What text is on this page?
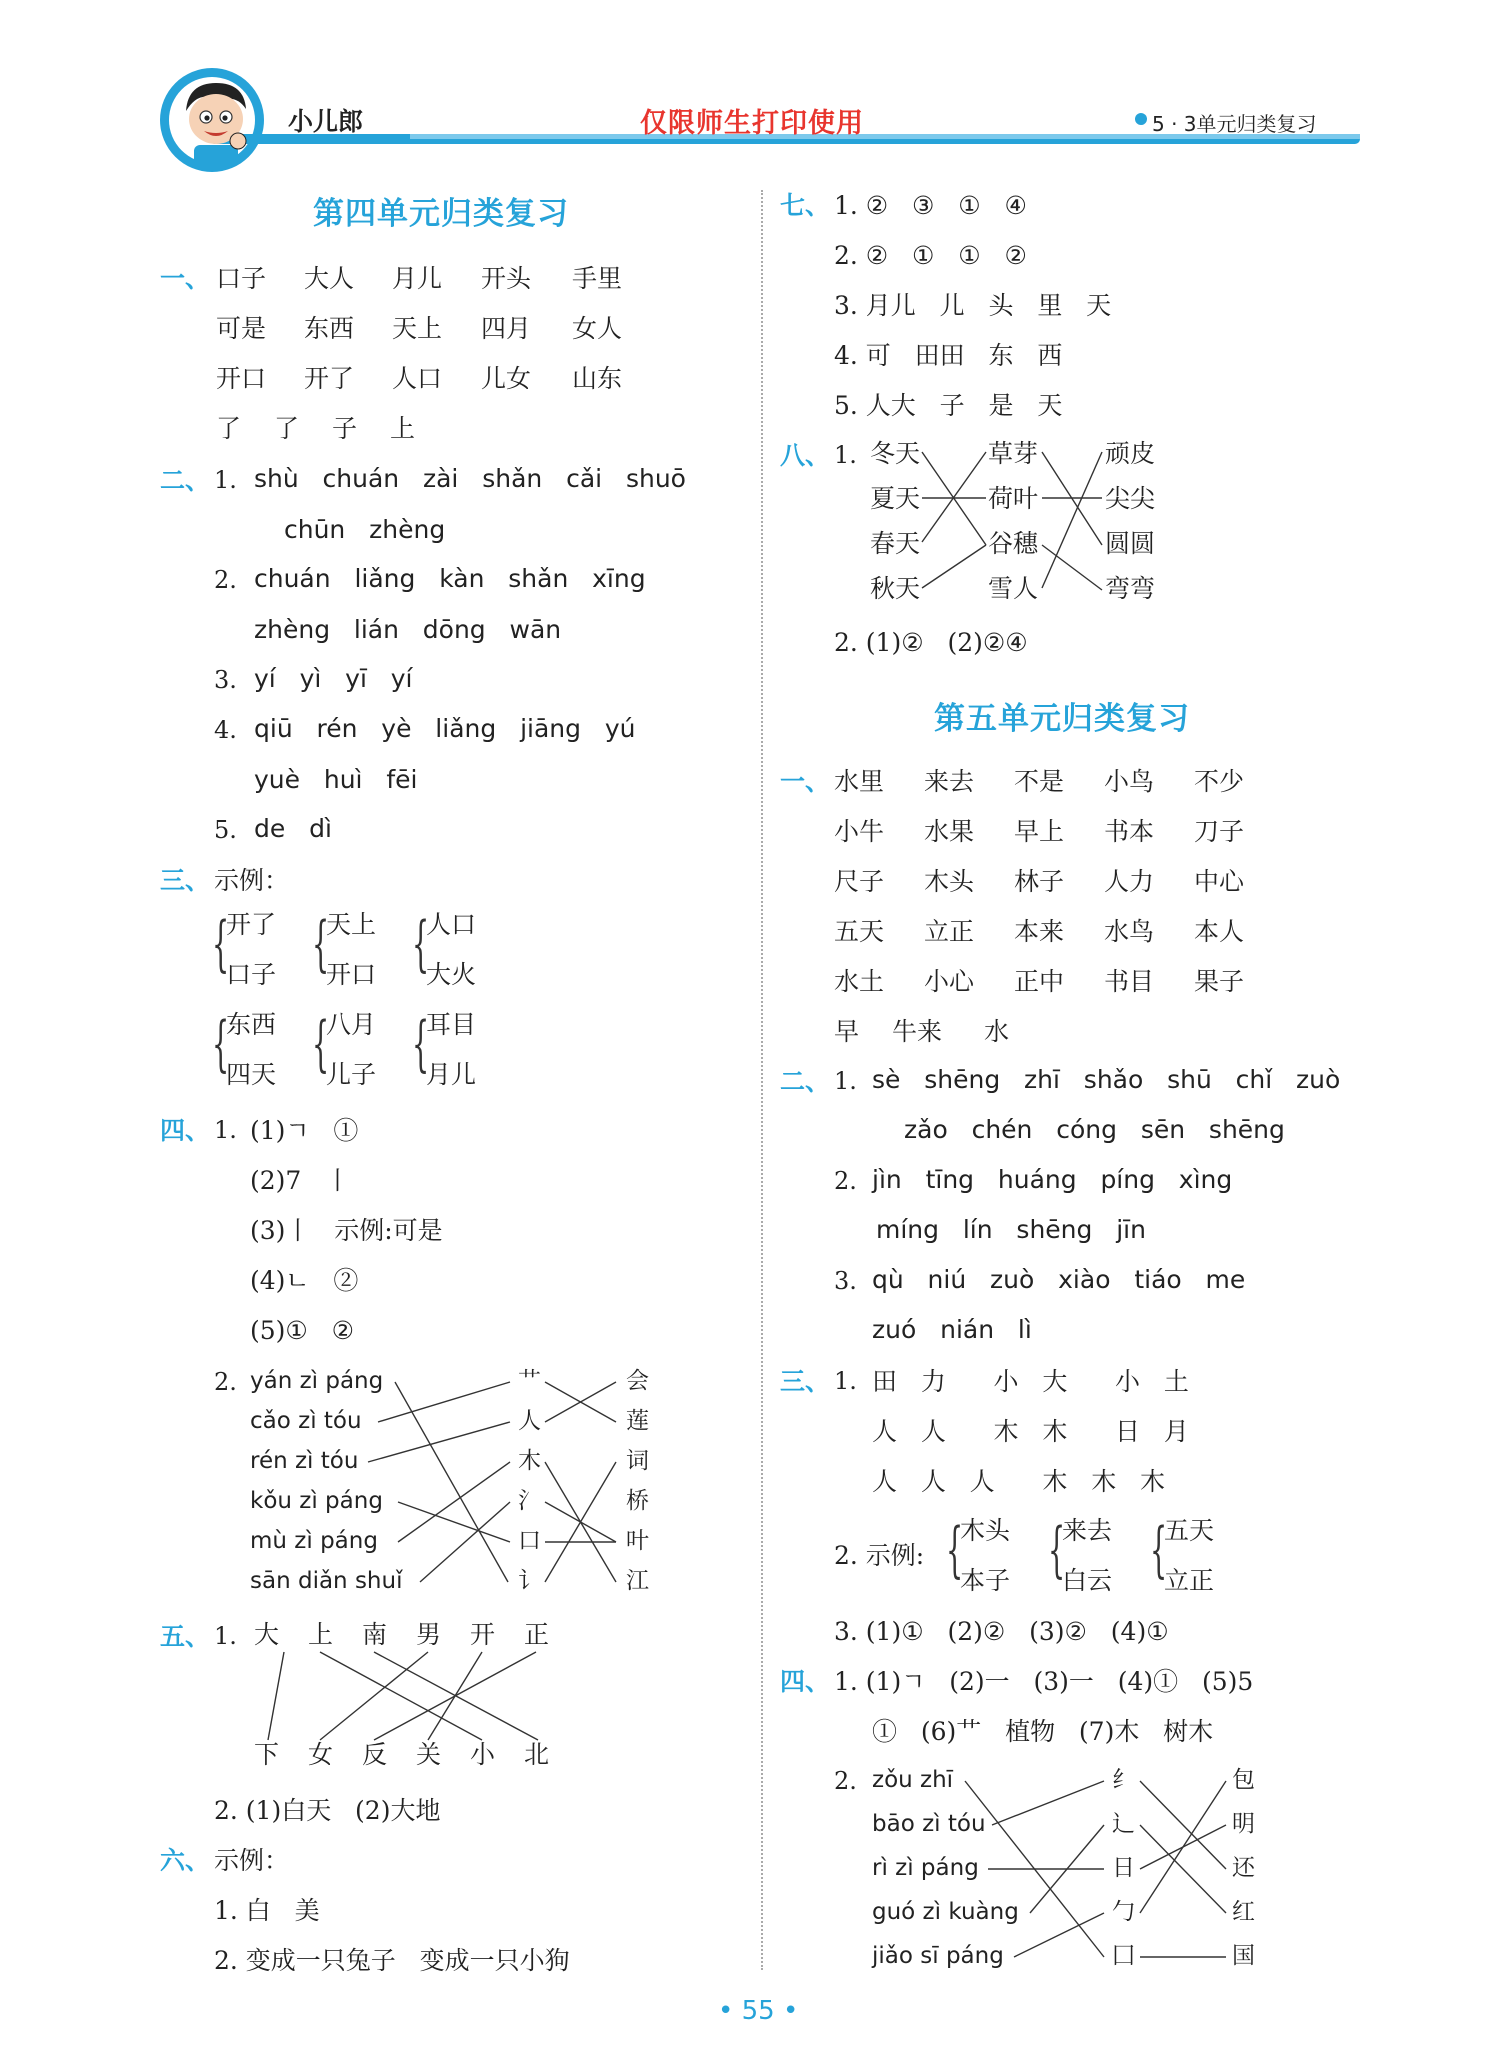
小儿郎	仅限师生打印使用	5 · 3单元归类复习
第四单元归类复习
一、 口子 大人 月儿 开头 手里
可是 东西 天上 四月 女人
开口 开了 人口 儿女 山东
了 了 子 上
二、 1. shù   chuán   zài   shǎn   cǎi   shuō
chūn   zhèng
2. chuán   liǎng   kàn   shǎn   xīng
zhèng   lián   dōng   wān
3. yí   yì   yī   yí
4. qiū   rén   yè   liǎng   jiāng   yú
yuè   huì   fēi
5. de   dì
三、 示例：
{
开了
口子 {
天上
开口 {
人口
大火
{
东西
四天 {
八月
儿子 {
耳目
月儿
四、 1. (1)ㄱ   ①
(2)7   丨
(3)丨   示例:可是
(4)ㄴ   ②
(5)①   ②
2. yán zì páng
cǎo zì tóu
rén zì tóu
kǒu zì páng
mù zì páng
sān diǎn shuǐ
艹
人
木
氵
口
讠
会
莲
词
桥
叶
江
五、 1. 大 上 南 男 开 正
下 女 反 关 小 北
2. (1)白天   (2)大地
六、 示例：
1. 白   美
2. 变成一只兔子   变成一只小狗
七、 1. ②   ③   ①   ④
2. ②   ①   ①   ②
3. 月儿   儿   头   里   天
4. 可   田田   东   西
5. 人大   子   是   天
八、 1. 冬天
夏天
春天
秋天
草芽
荷叶
谷穗
雪人
顽皮
尖尖
圆圆
弯弯
2. (1)②   (2)②④
第五单元归类复习
一、 水里 来去 不是 小鸟 不少
小牛 水果 早上 书本 刀子
尺子 木头 林子 人力 中心
五天 立正 本来 水鸟 本人
水土 小心 正中 书目 果子
早 牛来 水
二、 1. sè   shēng   zhī   shǎo   shū   chǐ   zuò
zǎo   chén   cóng   sēn   shēng
2. jìn   tīng   huáng   píng   xìng
míng   lín   shēng   jīn
3. qù   niú   zuò   xiào   tiáo   me
zuó   nián   lì
三、 1. 田   力      小   大      小   土
人   人      木   木      日   月
人   人   人      木   木   木
2. 示例: {
木头
本子 {
来去
白云 {
五天
立正
3. (1)①   (2)②   (3)②   (4)①
四、 1. (1)ㄱ   (2)一   (3)一   (4)①   (5)5
①   (6)艹   植物   (7)木   树木
2. zǒu zhī
bāo zì tóu
rì zì páng
guó zì kuàng
jiǎo sī páng
纟
辶
日
勹
囗
包
明
还
红
国
• 55 •
